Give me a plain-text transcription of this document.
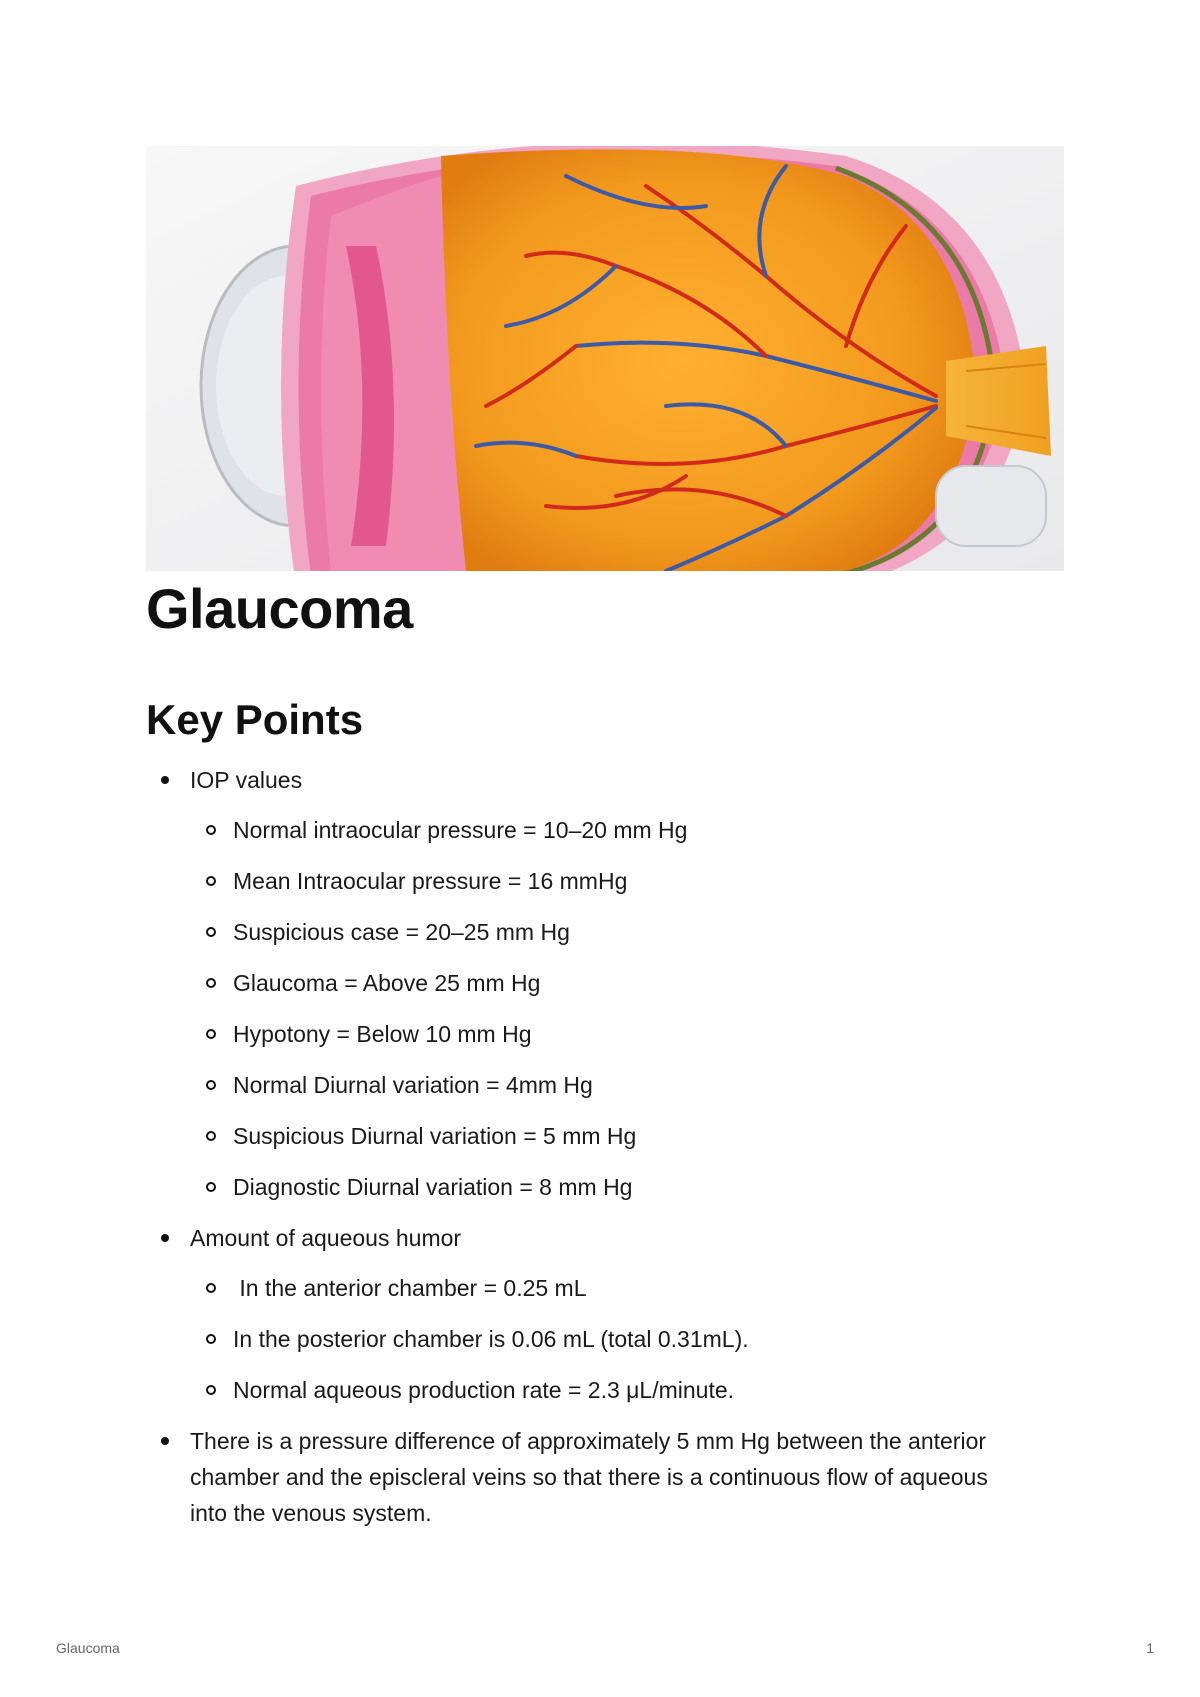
Glaucoma
Key Points
IOP values
Normal intraocular pressure = 10–20 mm Hg
Mean Intraocular pressure = 16 mmHg
Suspicious case = 20–25 mm Hg
Glaucoma = Above 25 mm Hg
Hypotony = Below 10 mm Hg
Normal Diurnal variation = 4mm Hg
Suspicious Diurnal variation = 5 mm Hg
Diagnostic Diurnal variation = 8 mm Hg
Amount of aqueous humor
In the anterior chamber = 0.25 mL
In the posterior chamber is 0.06 mL (total 0.31mL).
Normal aqueous production rate = 2.3 μL/minute.
There is a pressure difference of approximately 5 mm Hg between the anterior chamber and the episcleral veins so that there is a continuous flow of aqueous into the venous system.
Glaucoma	1
